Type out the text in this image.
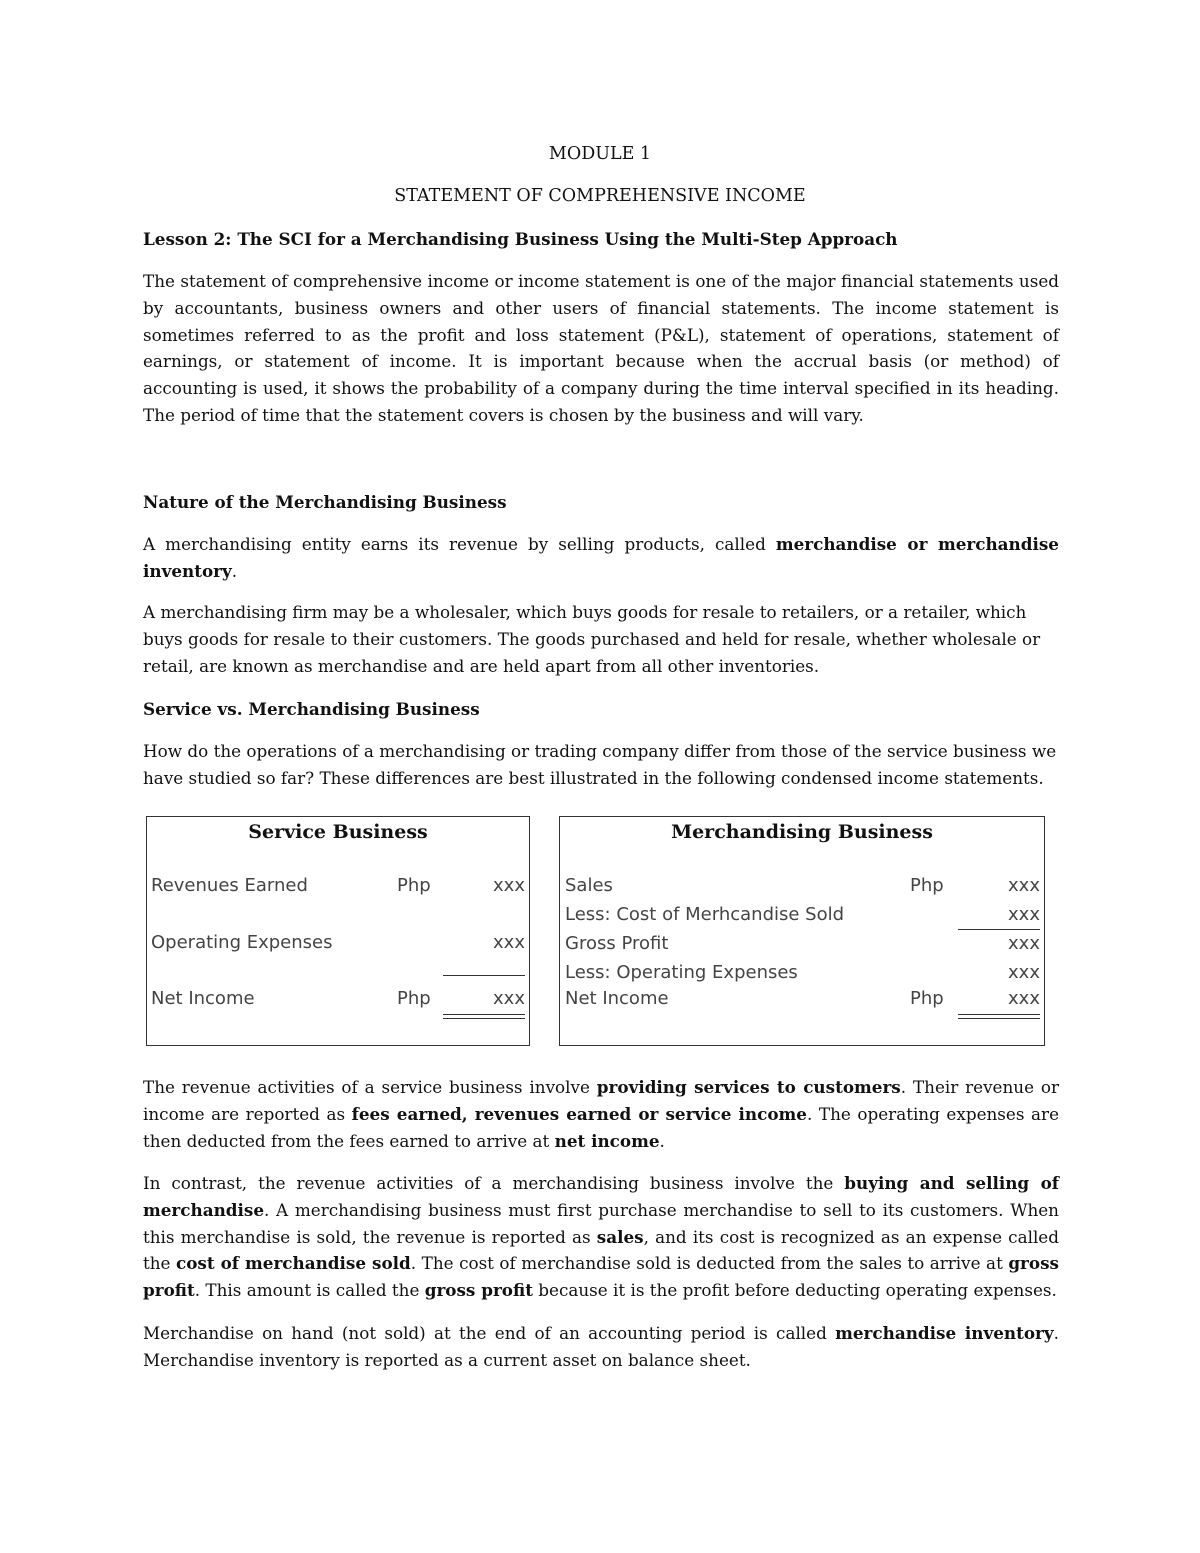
MODULE 1
STATEMENT OF COMPREHENSIVE INCOME
Lesson 2: The SCI for a Merchandising Business Using the Multi-Step Approach

The statement of comprehensive income or income statement is one of the major financial statements used by accountants, business owners and other users of financial statements. The income statement is sometimes referred to as the profit and loss statement (P&L), statement of operations, statement of earnings, or statement of income. It is important because when the accrual basis (or method) of accounting is used, it shows the probability of a company during the time interval specified in its heading. The period of time that the statement covers is chosen by the business and will vary.

Nature of the Merchandising Business

A merchandising entity earns its revenue by selling products, called merchandise or merchandise inventory.

A merchandising firm may be a wholesaler, which buys goods for resale to retailers, or a retailer, which buys goods for resale to their customers. The goods purchased and held for resale, whether wholesale or retail, are known as merchandise and are held apart from all other inventories.

Service vs. Merchandising Business

How do the operations of a merchandising or trading company differ from those of the service business we have studied so far? These differences are best illustrated in the following condensed income statements.

Service Business
Revenues Earned	Php	xxx
Operating Expenses	xxx
Net Income	Php	xxx
Merchandising Business
Sales	Php	xxx
Less: Cost of Merhcandise Sold	xxx
Gross Profit	xxx
Less: Operating Expenses	xxx
Net Income	Php	xxx

The revenue activities of a service business involve providing services to customers. Their revenue or income are reported as fees earned, revenues earned or service income. The operating expenses are then deducted from the fees earned to arrive at net income.

In contrast, the revenue activities of a merchandising business involve the buying and selling of merchandise. A merchandising business must first purchase merchandise to sell to its customers. When this merchandise is sold, the revenue is reported as sales, and its cost is recognized as an expense called the cost of merchandise sold. The cost of merchandise sold is deducted from the sales to arrive at gross profit. This amount is called the gross profit because it is the profit before deducting operating expenses.

Merchandise on hand (not sold) at the end of an accounting period is called merchandise inventory. Merchandise inventory is reported as a current asset on balance sheet.
